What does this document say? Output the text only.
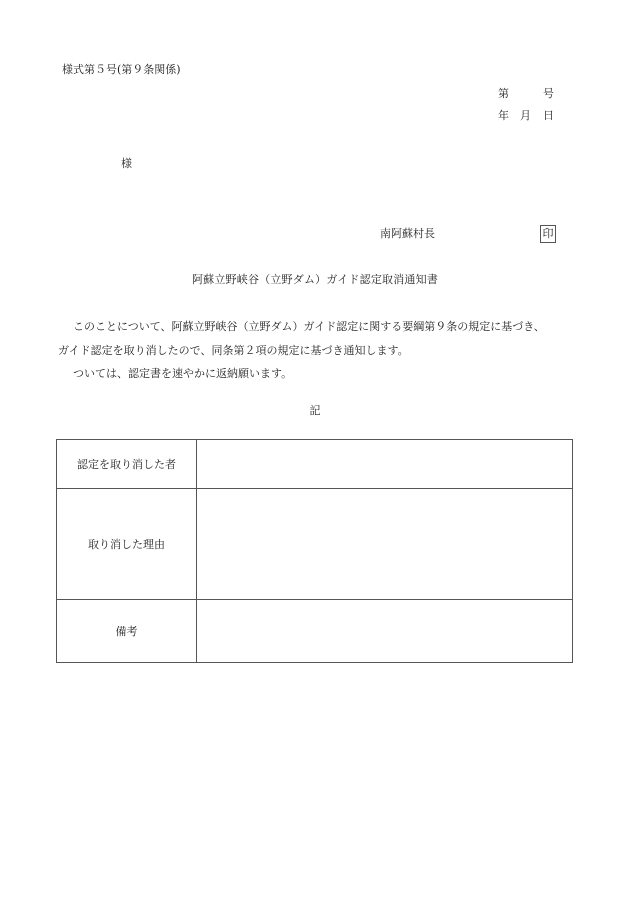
様式第５号(第９条関係)
第	号
年 月 日
様
南阿蘇村長	印
阿蘇立野峡谷（立野ダム）ガイド認定取消通知書
このことについて、阿蘇立野峡谷（立野ダム）ガイド認定に関する要綱第９条の規定に基づき、
ガイド認定を取り消したので、同条第２項の規定に基づき通知します。
ついては、認定書を速やかに返納願います。
記
認定を取り消した者	
取り消した理由	
備考	
